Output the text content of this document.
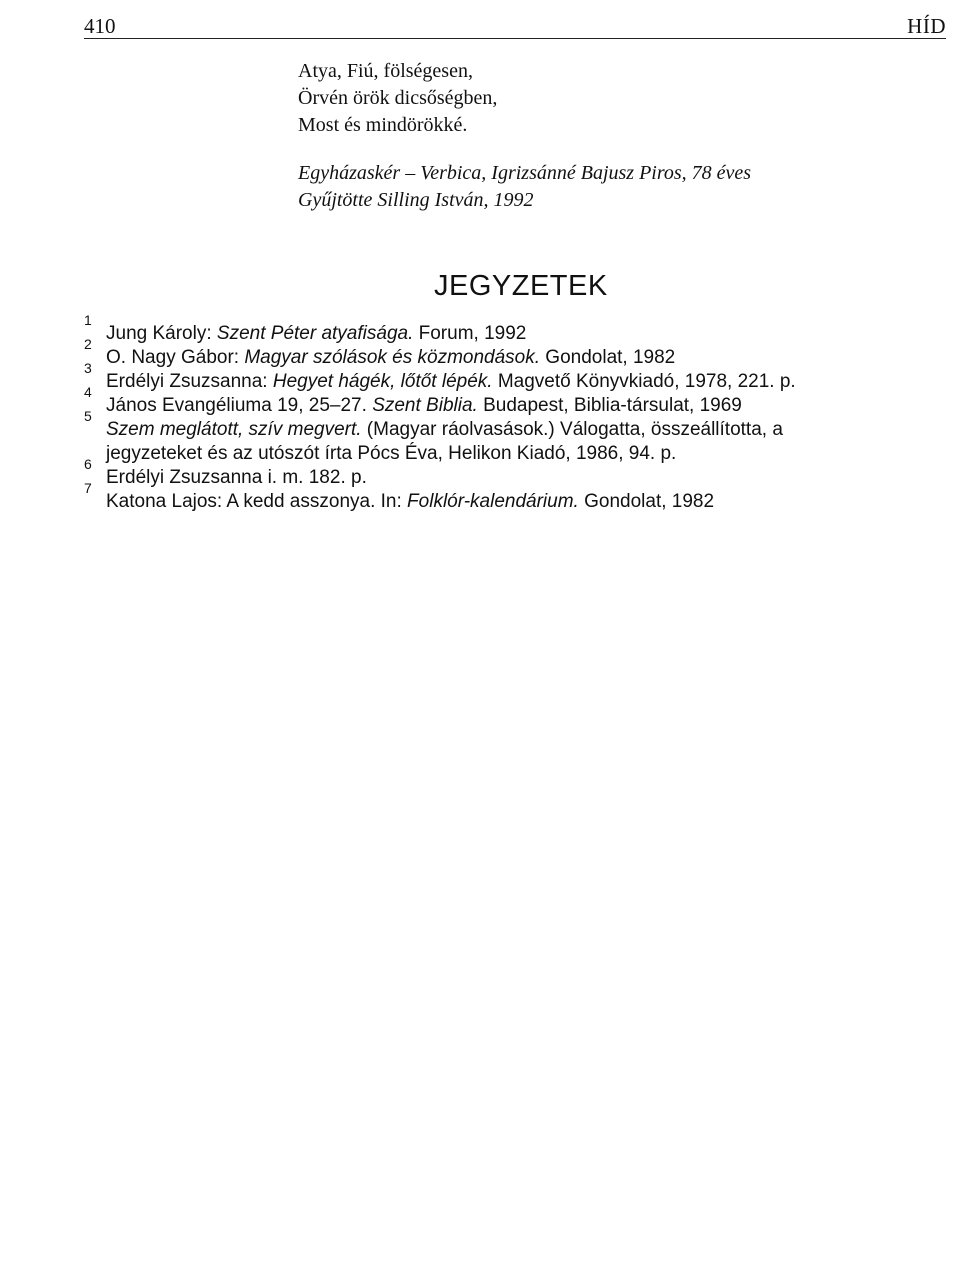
410	HÍD
Atya, Fiú, fölségesen,
Örvén örök dicsőségben,
Most és mindörökké.
Egyházaskér – Verbica, Igrizsánné Bajusz Piros, 78 éves
Gyűjtötte Silling István, 1992
JEGYZETEK
1
Jung Károly: Szent Péter atyafisága. Forum, 1992
2
O. Nagy Gábor: Magyar szólások és közmondások. Gondolat, 1982
3
Erdélyi Zsuzsanna: Hegyet hágék, lőtőt lépék. Magvető Könyvkiadó, 1978, 221. p.
4
János Evangéliuma 19, 25–27. Szent Biblia. Budapest, Biblia-társulat, 1969
5
Szem meglátott, szív megvert. (Magyar ráolvasások.) Válogatta, összeállította, a
jegyzeteket és az utószót írta Pócs Éva, Helikon Kiadó, 1986, 94. p.
6
Erdélyi Zsuzsanna i. m. 182. p.
7
Katona Lajos: A kedd asszonya. In: Folklór-kalendárium. Gondolat, 1982
